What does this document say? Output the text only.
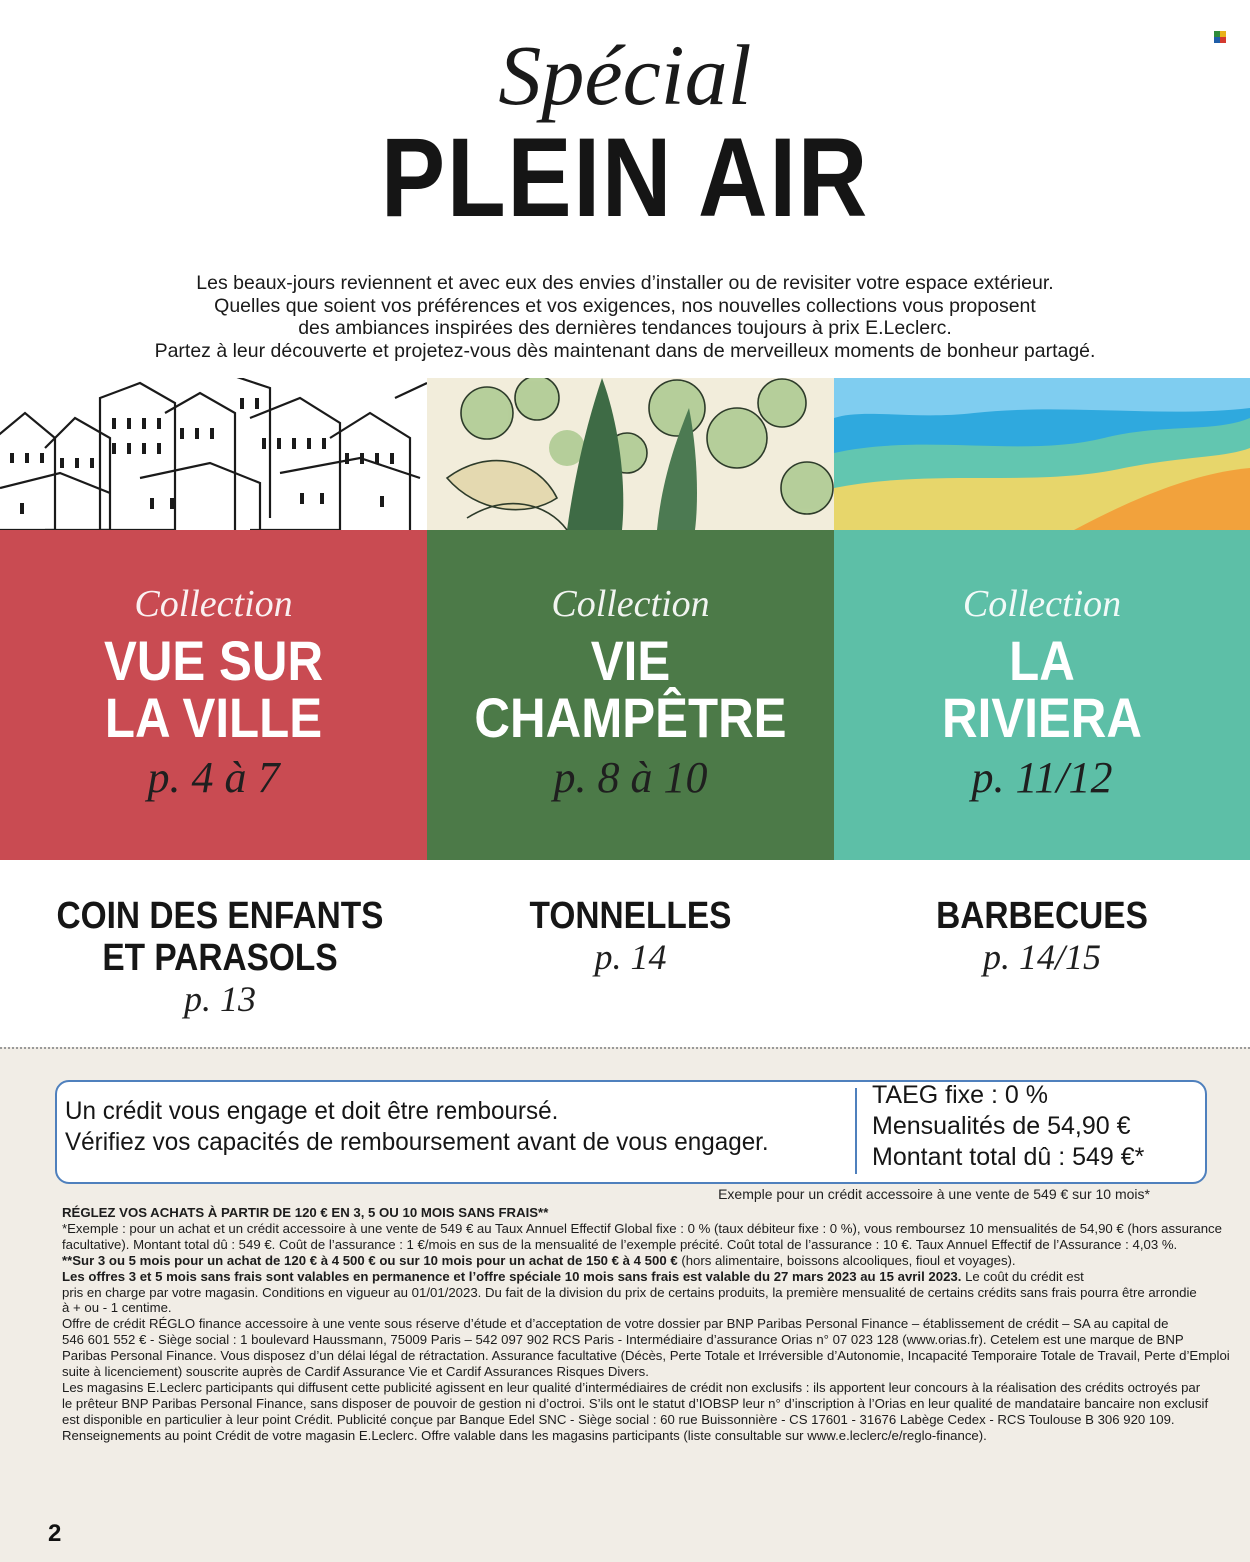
Spécial
PLEIN AIR
Les beaux-jours reviennent et avec eux des envies d’installer ou de revisiter votre espace extérieur.
Quelles que soient vos préférences et vos exigences, nos nouvelles collections vous proposent
des ambiances inspirées des dernières tendances toujours à prix E.Leclerc.
Partez à leur découverte et projetez-vous dès maintenant dans de merveilleux moments de bonheur partagé.
Collection
VUE SUR
LA VILLE
p. 4 à 7
Collection
VIE
CHAMPÊTRE
p. 8 à 10
Collection
LA
RIVIERA
p. 11/12
COIN DES ENFANTS
ET PARASOLS
p. 13
TONNELLES
p. 14
BARBECUES
p. 14/15
Un crédit vous engage et doit être remboursé.
Vérifiez vos capacités de remboursement avant de vous engager.
TAEG fixe : 0 %
Mensualités de 54,90 €
Montant total dû : 549 €*
Exemple pour un crédit accessoire à une vente de 549 € sur 10 mois*
RÉGLEZ VOS ACHATS À PARTIR DE 120 € EN 3, 5 OU 10 MOIS SANS FRAIS**
*Exemple : pour un achat et un crédit accessoire à une vente de 549 € au Taux Annuel Effectif Global fixe : 0 % (taux débiteur fixe : 0 %), vous remboursez 10 mensualités de 54,90 € (hors assurance
facultative). Montant total dû : 549 €. Coût de l’assurance : 1 €/mois en sus de la mensualité de l’exemple précité. Coût total de l’assurance : 10 €. Taux Annuel Effectif de l’Assurance : 4,03 %.
**Sur 3 ou 5 mois pour un achat de 120 € à 4 500 € ou sur 10 mois pour un achat de 150 € à 4 500 € (hors alimentaire, boissons alcooliques, fioul et voyages).
Les offres 3 et 5 mois sans frais sont valables en permanence et l’offre spéciale 10 mois sans frais est valable du 27 mars 2023 au 15 avril 2023. Le coût du crédit est
pris en charge par votre magasin. Conditions en vigueur au 01/01/2023. Du fait de la division du prix de certains produits, la première mensualité de certains crédits sans frais pourra être arrondie
à + ou - 1 centime.
Offre de crédit RÉGLO finance accessoire à une vente sous réserve d’étude et d’acceptation de votre dossier par BNP Paribas Personal Finance – établissement de crédit – SA au capital de
546 601 552 € - Siège social : 1 boulevard Haussmann, 75009 Paris – 542 097 902 RCS Paris - Intermédiaire d’assurance Orias n° 07 023 128 (www.orias.fr). Cetelem est une marque de BNP
Paribas Personal Finance. Vous disposez d’un délai légal de rétractation. Assurance facultative (Décès, Perte Totale et Irréversible d’Autonomie, Incapacité Temporaire Totale de Travail, Perte d’Emploi
suite à licenciement) souscrite auprès de Cardif Assurance Vie et Cardif Assurances Risques Divers.
Les magasins E.Leclerc participants qui diffusent cette publicité agissent en leur qualité d’intermédiaires de crédit non exclusifs : ils apportent leur concours à la réalisation des crédits octroyés par
le prêteur BNP Paribas Personal Finance, sans disposer de pouvoir de gestion ni d’octroi. S’ils ont le statut d’IOBSP leur n° d’inscription à l’Orias en leur qualité de mandataire bancaire non exclusif
est disponible en particulier à leur point Crédit. Publicité conçue par Banque Edel SNC - Siège social : 60 rue Buissonnière - CS 17601 - 31676 Labège Cedex - RCS Toulouse B 306 920 109.
Renseignements au point Crédit de votre magasin E.Leclerc. Offre valable dans les magasins participants (liste consultable sur www.e.leclerc/e/reglo-finance).
2
